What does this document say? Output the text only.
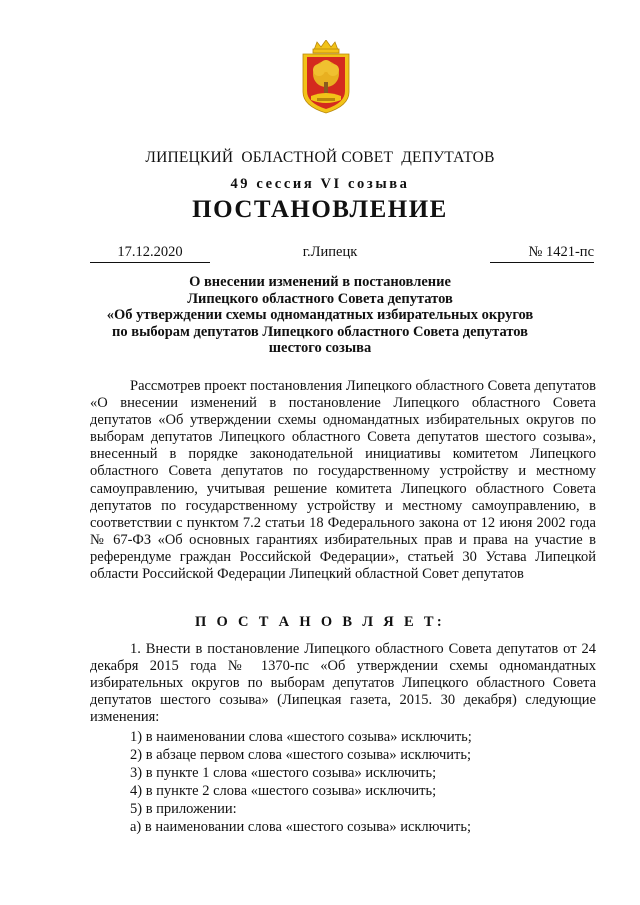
ЛИПЕЦКИЙ  ОБЛАСТНОЙ СОВЕТ  ДЕПУТАТОВ
49 сессия VI созыва
ПОСТАНОВЛЕНИЕ
17.12.2020	г.Липецк	№ 1421-пс
О внесении изменений в постановление
Липецкого областного Совета депутатов
«Об утверждении схемы одномандатных избирательных округов
по выборам депутатов Липецкого областного Совета депутатов
шестого созыва

Рассмотрев проект постановления Липецкого областного Совета депутатов «О внесении изменений в постановление Липецкого областного Совета депутатов «Об утверждении схемы одномандатных избирательных округов по выборам депутатов Липецкого областного Совета депутатов шестого созыва», внесенный в порядке законодательной инициативы комитетом Липецкого областного Совета депутатов по государственному устройству и местному самоуправлению, учитывая решение комитета Липецкого областного Совета депутатов по государственному устройству и местному самоуправлению, в соответствии с пунктом 7.2 статьи 18 Федерального закона от 12 июня 2002 года № 67-ФЗ «Об основных гарантиях избирательных прав и права на участие в референдуме граждан Российской Федерации», статьей 30 Устава Липецкой области Российской Федерации Липецкий областной Совет депутатов

П О С Т А Н О В Л Я Е Т:

1. Внести в постановление Липецкого областного Совета депутатов от 24 декабря 2015 года № 1370-пс «Об утверждении схемы одномандатных избирательных округов по выборам депутатов Липецкого областного Совета депутатов шестого созыва» (Липецкая газета, 2015. 30 декабря) следующие изменения:

1) в наименовании слова «шестого созыва» исключить;
2) в абзаце первом слова «шестого созыва» исключить;
3) в пункте 1 слова «шестого созыва» исключить;
4) в пункте 2 слова «шестого созыва» исключить;
5) в приложении:
а) в наименовании слова «шестого созыва» исключить;
